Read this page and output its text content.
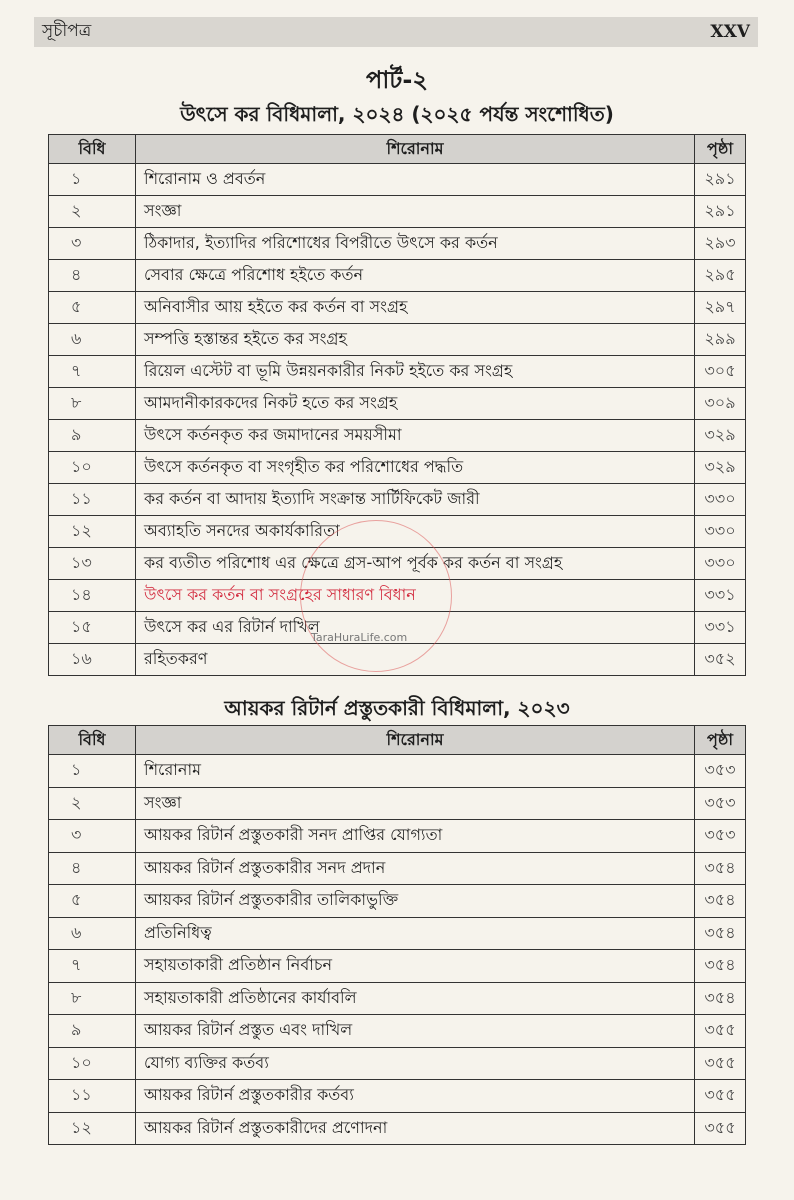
সূচীপত্র	XXV
পার্ট-২
উৎসে কর বিধিমালা, ২০২৪ (২০২৫ পর্যন্ত সংশোধিত)
বিধি	শিরোনাম	পৃষ্ঠা
১	শিরোনাম ও প্রবর্তন	২৯১
২	সংজ্ঞা	২৯১
৩	ঠিকাদার, ইত্যাদির পরিশোধের বিপরীতে উৎসে কর কর্তন	২৯৩
৪	সেবার ক্ষেত্রে পরিশোধ হইতে কর্তন	২৯৫
৫	অনিবাসীর আয় হইতে কর কর্তন বা সংগ্রহ	২৯৭
৬	সম্পত্তি হস্তান্তর হইতে কর সংগ্রহ	২৯৯
৭	রিয়েল এস্টেট বা ভূমি উন্নয়নকারীর নিকট হইতে কর সংগ্রহ	৩০৫
৮	আমদানীকারকদের নিকট হতে কর সংগ্রহ	৩০৯
৯	উৎসে কর্তনকৃত কর জমাদানের সময়সীমা	৩২৯
১০	উৎসে কর্তনকৃত বা সংগৃহীত কর পরিশোধের পদ্ধতি	৩২৯
১১	কর কর্তন বা আদায় ইত্যাদি সংক্রান্ত সার্টিফিকেট জারী	৩৩০
১২	অব্যাহতি সনদের অকার্যকারিতা	৩৩০
১৩	কর ব্যতীত পরিশোধ এর ক্ষেত্রে গ্রস-আপ পূর্বক কর কর্তন বা সংগ্রহ	৩৩০
১৪	উৎসে কর কর্তন বা সংগ্রহের সাধারণ বিধান	৩৩১
১৫	উৎসে কর এর রিটার্ন দাখিল	৩৩১
১৬	রহিতকরণ	৩৫২
আয়কর রিটার্ন প্রস্তুতকারী বিধিমালা, ২০২৩
বিধি	শিরোনাম	পৃষ্ঠা
১	শিরোনাম	৩৫৩
২	সংজ্ঞা	৩৫৩
৩	আয়কর রিটার্ন প্রস্তুতকারী সনদ প্রাপ্তির যোগ্যতা	৩৫৩
৪	আয়কর রিটার্ন প্রস্তুতকারীর সনদ প্রদান	৩৫৪
৫	আয়কর রিটার্ন প্রস্তুতকারীর তালিকাভুক্তি	৩৫৪
৬	প্রতিনিধিত্ব	৩৫৪
৭	সহায়তাকারী প্রতিষ্ঠান নির্বাচন	৩৫৪
৮	সহায়তাকারী প্রতিষ্ঠানের কার্যাবলি	৩৫৪
৯	আয়কর রিটার্ন প্রস্তুত এবং দাখিল	৩৫৫
১০	যোগ্য ব্যক্তির কর্তব্য	৩৫৫
১১	আয়কর রিটার্ন প্রস্তুতকারীর কর্তব্য	৩৫৫
১২	আয়কর রিটার্ন প্রস্তুতকারীদের প্রণোদনা	৩৫৫
TaraHuraLife.com
